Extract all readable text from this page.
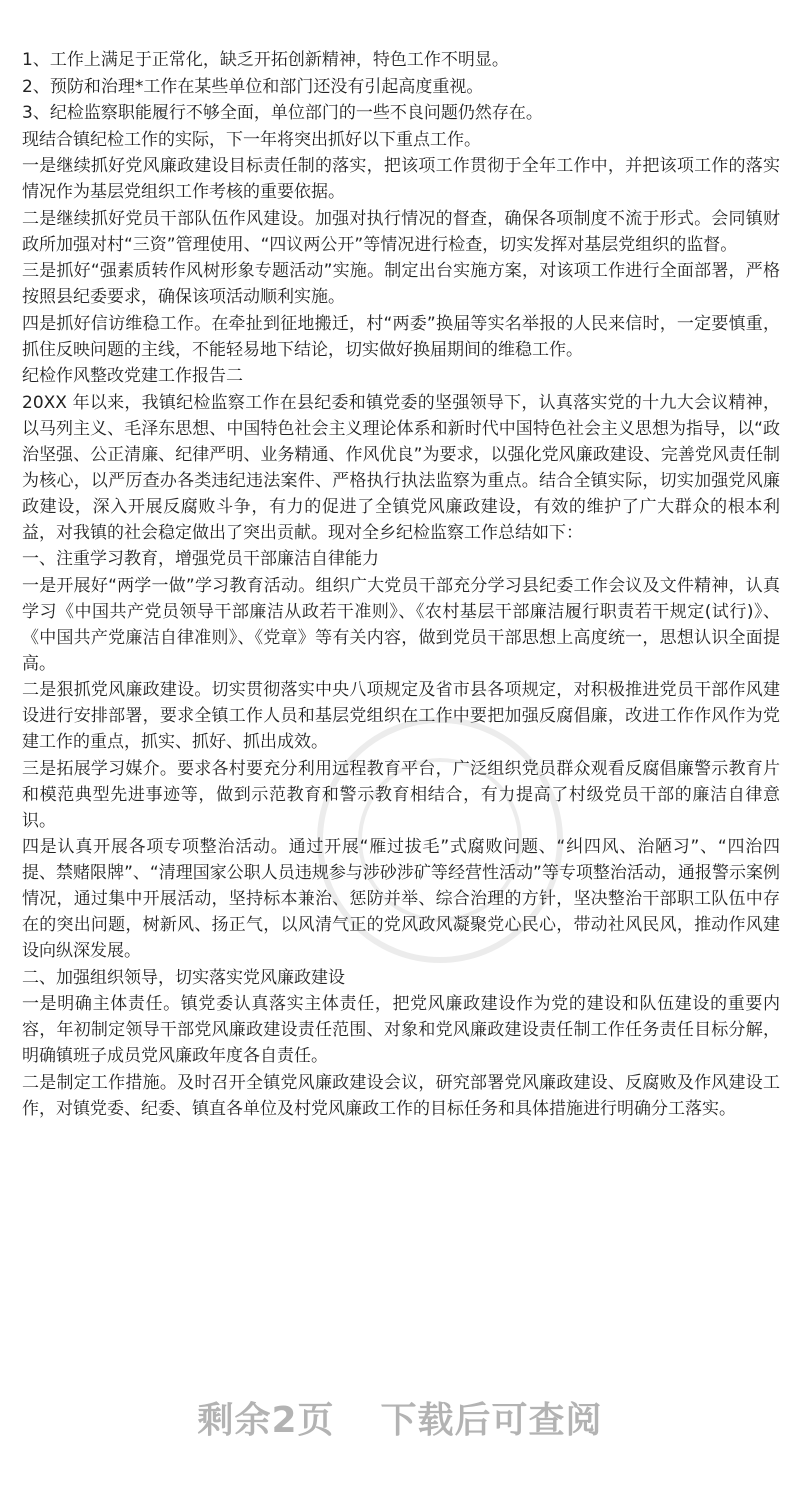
1、工作上满足于正常化，缺乏开拓创新精神，特色工作不明显。

2、预防和治理*工作在某些单位和部门还没有引起高度重视。

3、纪检监察职能履行不够全面，单位部门的一些不良问题仍然存在。

现结合镇纪检工作的实际，下一年将突出抓好以下重点工作。

一是继续抓好党风廉政建设目标责任制的落实，把该项工作贯彻于全年工作中，并把该项工作的落实情况作为基层党组织工作考核的重要依据。

二是继续抓好党员干部队伍作风建设。加强对执行情况的督查，确保各项制度不流于形式。会同镇财政所加强对村“三资”管理使用、“四议两公开”等情况进行检查，切实发挥对基层党组织的监督。

三是抓好“强素质转作风树形象专题活动”实施。制定出台实施方案，对该项工作进行全面部署，严格按照县纪委要求，确保该项活动顺利实施。

四是抓好信访维稳工作。在牵扯到征地搬迁，村“两委”换届等实名举报的人民来信时，一定要慎重，抓住反映问题的主线，不能轻易地下结论，切实做好换届期间的维稳工作。

纪检作风整改党建工作报告二

20XX 年以来，我镇纪检监察工作在县纪委和镇党委的坚强领导下，认真落实党的十九大会议精神，以马列主义、毛泽东思想、中国特色社会主义理论体系和新时代中国特色社会主义思想为指导，以“政治坚强、公正清廉、纪律严明、业务精通、作风优良”为要求，以强化党风廉政建设、完善党风责任制为核心，以严厉查办各类违纪违法案件、严格执行执法监察为重点。结合全镇实际，切实加强党风廉政建设，深入开展反腐败斗争，有力的促进了全镇党风廉政建设，有效的维护了广大群众的根本利益，对我镇的社会稳定做出了突出贡献。现对全乡纪检监察工作总结如下：

一、注重学习教育，增强党员干部廉洁自律能力

一是开展好“两学一做”学习教育活动。组织广大党员干部充分学习县纪委工作会议及文件精神，认真学习《中国共产党员领导干部廉洁从政若干准则》、《农村基层干部廉洁履行职责若干规定(试行)》、《中国共产党廉洁自律准则》、《党章》等有关内容，做到党员干部思想上高度统一，思想认识全面提高。

二是狠抓党风廉政建设。切实贯彻落实中央八项规定及省市县各项规定，对积极推进党员干部作风建设进行安排部署，要求全镇工作人员和基层党组织在工作中要把加强反腐倡廉，改进工作作风作为党建工作的重点，抓实、抓好、抓出成效。

三是拓展学习媒介。要求各村要充分利用远程教育平台，广泛组织党员群众观看反腐倡廉警示教育片和模范典型先进事迹等，做到示范教育和警示教育相结合，有力提高了村级党员干部的廉洁自律意识。

四是认真开展各项专项整治活动。通过开展“雁过拔毛”式腐败问题、“纠四风、治陋习”、“四治四提、禁赌限牌”、“清理国家公职人员违规参与涉砂涉矿等经营性活动”等专项整治活动，通报警示案例情况，通过集中开展活动，坚持标本兼治、惩防并举、综合治理的方针，坚决整治干部职工队伍中存在的突出问题，树新风、扬正气，以风清气正的党风政风凝聚党心民心，带动社风民风，推动作风建设向纵深发展。

二、加强组织领导，切实落实党风廉政建设

一是明确主体责任。镇党委认真落实主体责任，把党风廉政建设作为党的建设和队伍建设的重要内容，年初制定领导干部党风廉政建设责任范围、对象和党风廉政建设责任制工作任务责任目标分解，明确镇班子成员党风廉政年度各自责任。

二是制定工作措施。及时召开全镇党风廉政建设会议，研究部署党风廉政建设、反腐败及作风建设工作，对镇党委、纪委、镇直各单位及村党风廉政工作的目标任务和具体措施进行明确分工落实。

剩余2页 下载后可查阅
